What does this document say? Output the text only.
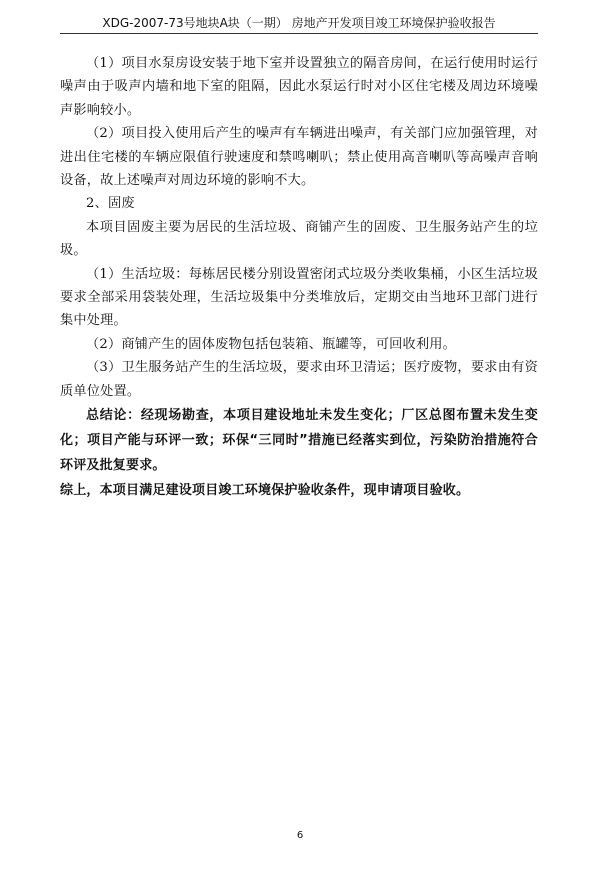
XDG-2007-73号地块A块（一期） 房地产开发项目竣工环境保护验收报告

（1）项目水泵房设安装于地下室并设置独立的隔音房间，在运行使用时运行噪声由于吸声内墙和地下室的阻隔，因此水泵运行时对小区住宅楼及周边环境噪声影响较小。

（2）项目投入使用后产生的噪声有车辆进出噪声，有关部门应加强管理，对进出住宅楼的车辆应限值行驶速度和禁鸣喇叭；禁止使用高音喇叭等高噪声音响设备，故上述噪声对周边环境的影响不大。

2、固废

本项目固废主要为居民的生活垃圾、商铺产生的固废、卫生服务站产生的垃圾。

（1）生活垃圾：每栋居民楼分别设置密闭式垃圾分类收集桶，小区生活垃圾要求全部采用袋装处理，生活垃圾集中分类堆放后，定期交由当地环卫部门进行集中处理。

（2）商铺产生的固体废物包括包装箱、瓶罐等，可回收利用。

（3）卫生服务站产生的生活垃圾，要求由环卫清运；医疗废物，要求由有资质单位处置。

总结论：经现场勘查，本项目建设地址未发生变化；厂区总图布置未发生变化；项目产能与环评一致；环保“三同时”措施已经落实到位，污染防治措施符合环评及批复要求。

综上，本项目满足建设项目竣工环境保护验收条件，现申请项目验收。

6
